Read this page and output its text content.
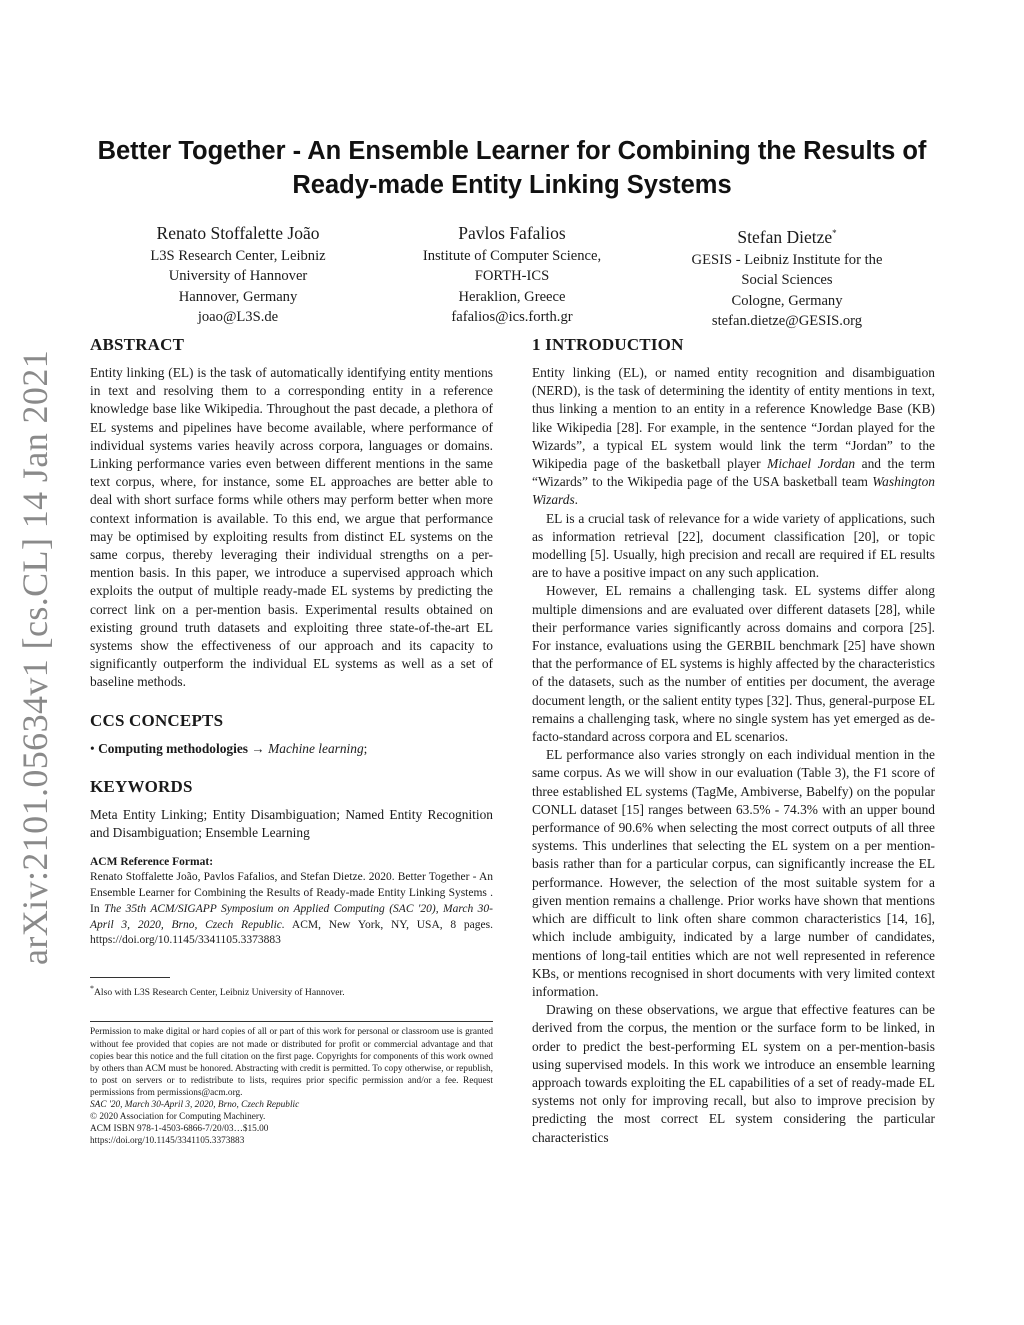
arXiv:2101.05634v1 [cs.CL] 14 Jan 2021
Better Together - An Ensemble Learner for Combining the Results of Ready-made Entity Linking Systems
Renato Stoffalette João
L3S Research Center, Leibniz
University of Hannover
Hannover, Germany
joao@L3S.de
Pavlos Fafalios
Institute of Computer Science,
FORTH-ICS
Heraklion, Greece
fafalios@ics.forth.gr
Stefan Dietze*
GESIS - Leibniz Institute for the
Social Sciences
Cologne, Germany
stefan.dietze@GESIS.org
ABSTRACT

Entity linking (EL) is the task of automatically identifying entity mentions in text and resolving them to a corresponding entity in a reference knowledge base like Wikipedia. Throughout the past decade, a plethora of EL systems and pipelines have become available, where performance of individual systems varies heavily across corpora, languages or domains. Linking performance varies even between different mentions in the same text corpus, where, for instance, some EL approaches are better able to deal with short surface forms while others may perform better when more context information is available. To this end, we argue that performance may be optimised by exploiting results from distinct EL systems on the same corpus, thereby leveraging their individual strengths on a per-mention basis. In this paper, we introduce a supervised approach which exploits the output of multiple ready-made EL systems by predicting the correct link on a per-mention basis. Experimental results obtained on existing ground truth datasets and exploiting three state-of-the-art EL systems show the effectiveness of our approach and its capacity to significantly outperform the individual EL systems as well as a set of baseline methods.

CCS CONCEPTS

• Computing methodologies → Machine learning;

KEYWORDS

Meta Entity Linking; Entity Disambiguation; Named Entity Recognition and Disambiguation; Ensemble Learning

ACM Reference Format:

Renato Stoffalette João, Pavlos Fafalios, and Stefan Dietze. 2020. Better Together - An Ensemble Learner for Combining the Results of Ready-made Entity Linking Systems . In The 35th ACM/SIGAPP Symposium on Applied Computing (SAC '20), March 30-April 3, 2020, Brno, Czech Republic. ACM, New York, NY, USA, 8 pages. https://doi.org/10.1145/3341105.3373883

*Also with L3S Research Center, Leibniz University of Hannover.

Permission to make digital or hard copies of all or part of this work for personal or classroom use is granted without fee provided that copies are not made or distributed for profit or commercial advantage and that copies bear this notice and the full citation on the first page. Copyrights for components of this work owned by others than ACM must be honored. Abstracting with credit is permitted. To copy otherwise, or republish, to post on servers or to redistribute to lists, requires prior specific permission and/or a fee. Request permissions from permissions@acm.org.

SAC '20, March 30-April 3, 2020, Brno, Czech Republic

© 2020 Association for Computing Machinery.

ACM ISBN 978-1-4503-6866-7/20/03…$15.00

https://doi.org/10.1145/3341105.3373883

1 INTRODUCTION

Entity linking (EL), or named entity recognition and disambiguation (NERD), is the task of determining the identity of entity mentions in text, thus linking a mention to an entity in a reference Knowledge Base (KB) like Wikipedia [28]. For example, in the sentence “Jordan played for the Wizards”, a typical EL system would link the term “Jordan” to the Wikipedia page of the basketball player Michael Jordan and the term “Wizards” to the Wikipedia page of the USA basketball team Washington Wizards.

EL is a crucial task of relevance for a wide variety of applications, such as information retrieval [22], document classification [20], or topic modelling [5]. Usually, high precision and recall are required if EL results are to have a positive impact on any such application.

However, EL remains a challenging task. EL systems differ along multiple dimensions and are evaluated over different datasets [28], while their performance varies significantly across domains and corpora [25]. For instance, evaluations using the GERBIL benchmark [25] have shown that the performance of EL systems is highly affected by the characteristics of the datasets, such as the number of entities per document, the average document length, or the salient entity types [32]. Thus, general-purpose EL remains a challenging task, where no single system has yet emerged as de-facto-standard across corpora and EL scenarios.

EL performance also varies strongly on each individual mention in the same corpus. As we will show in our evaluation (Table 3), the F1 score of three established EL systems (TagMe, Ambiverse, Babelfy) on the popular CONLL dataset [15] ranges between 63.5% - 74.3% with an upper bound performance of 90.6% when selecting the most correct outputs of all three systems. This underlines that selecting the EL system on a per mention-basis rather than for a particular corpus, can significantly increase the EL performance. However, the selection of the most suitable system for a given mention remains a challenge. Prior works have shown that mentions which are difficult to link often share common characteristics [14, 16], which include ambiguity, indicated by a large number of candidates, mentions of long-tail entities which are not well represented in reference KBs, or mentions recognised in short documents with very limited context information.

Drawing on these observations, we argue that effective features can be derived from the corpus, the mention or the surface form to be linked, in order to predict the best-performing EL system on a per-mention-basis using supervised models. In this work we introduce an ensemble learning approach towards exploiting the EL capabilities of a set of ready-made EL systems not only for improving recall, but also to improve precision by predicting the most correct EL system considering the particular characteristics
